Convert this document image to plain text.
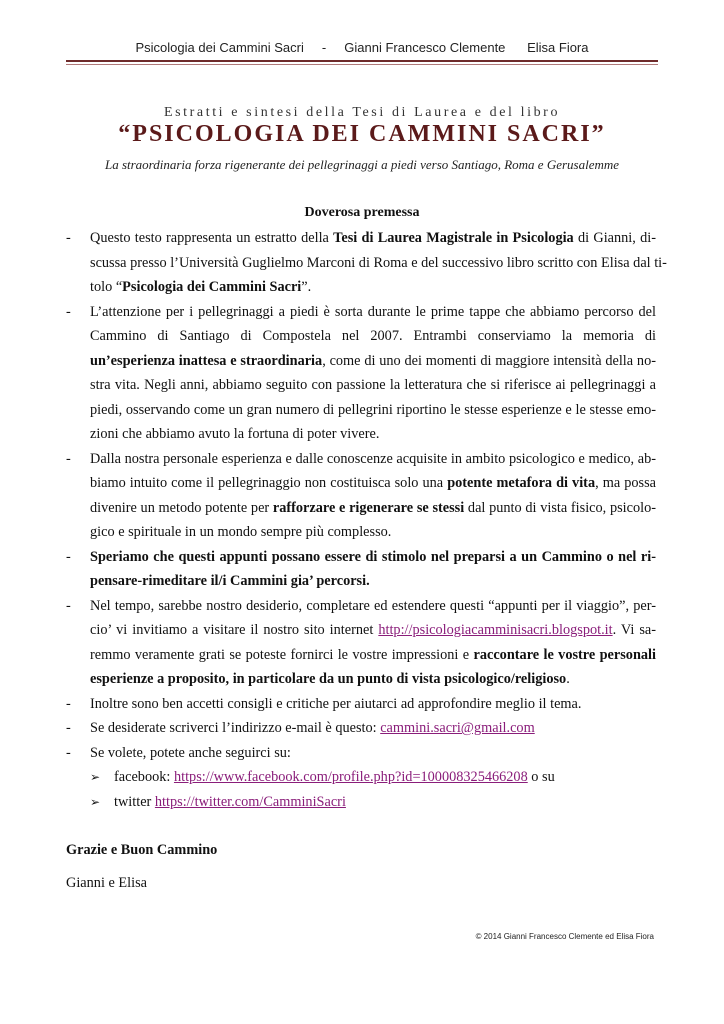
Psicologia dei Cammini Sacri     -     Gianni Francesco Clemente      Elisa Fiora
Estratti e sintesi della Tesi di Laurea e del libro
“PSICOLOGIA DEI CAMMINI SACRI”
La straordinaria forza rigenerante dei pellegrinaggi a piedi verso Santiago, Roma e Gerusalemme
Doverosa premessa
- Questo testo rappresenta un estratto della Tesi di Laurea Magistrale in Psicologia di Gianni, di-
scussa presso l’Università Guglielmo Marconi di Roma e del successivo libro scritto con Elisa dal ti-
tolo “Psicologia dei Cammini Sacri”.
- L’attenzione per i pellegrinaggi a piedi è sorta durante le prime tappe che abbiamo percorso del
Cammino di Santiago di Compostela nel 2007. Entrambi conserviamo la memoria di
un’esperienza inattesa e straordinaria, come di uno dei momenti di maggiore intensità della no-
stra vita. Negli anni, abbiamo seguito con passione la letteratura che si riferisce ai pellegrinaggi a
piedi, osservando come un gran numero di pellegrini riportino le stesse esperienze e le stesse emo-
zioni che abbiamo avuto la fortuna di poter vivere.
- Dalla nostra personale esperienza e dalle conoscenze acquisite in ambito psicologico e medico, ab-
biamo intuito come il pellegrinaggio non costituisca solo una potente metafora di vita, ma possa
divenire un metodo potente per rafforzare e rigenerare se stessi dal punto di vista fisico, psicolo-
gico e spirituale in un mondo sempre più complesso.
- Speriamo che questi appunti possano essere di stimolo nel preparsi a un Cammino o nel ri-
pensare-rimeditare il/i Cammini gia’ percorsi.
- Nel tempo, sarebbe nostro desiderio, completare ed estendere questi “appunti per il viaggio”, per-
cio’ vi invitiamo a visitare il nostro sito internet http://psicologiacamminisacri.blogspot.it. Vi sa-
remmo veramente grati se poteste fornirci le vostre impressioni e raccontare le vostre personali
esperienze a proposito, in particolare da un punto di vista psicologico/religioso.
- Inoltre sono ben accetti consigli e critiche per aiutarci ad approfondire meglio il tema.
- Se desiderate scriverci l’indirizzo e-mail è questo: cammini.sacri@gmail.com
- Se volete, potete anche seguirci su:
➢ facebook: https://www.facebook.com/profile.php?id=100008325466208 o su
➢ twitter https://twitter.com/CamminiSacri
Grazie e Buon Cammino
Gianni e Elisa
© 2014 Gianni Francesco Clemente ed Elisa Fiora
